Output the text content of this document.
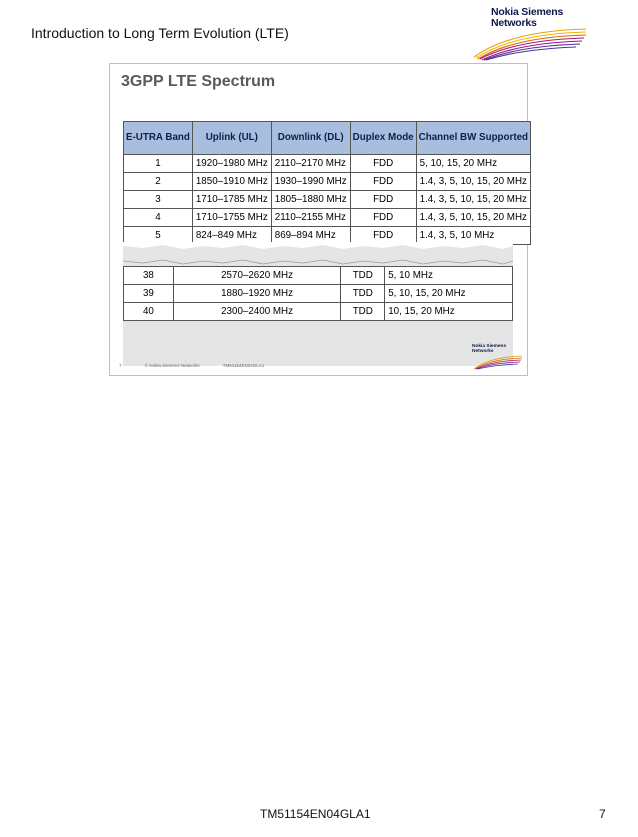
Introduction to Long Term Evolution (LTE)
Nokia Siemens
Networks
3GPP LTE Spectrum
E-UTRA Band	Uplink (UL)	Downlink (DL)	Duplex Mode	Channel BW Supported
1	1920–1980 MHz	2110–2170 MHz	FDD	5, 10, 15, 20 MHz
2	1850–1910 MHz	1930–1990 MHz	FDD	1.4, 3, 5, 10, 15, 20 MHz
3	1710–1785 MHz	1805–1880 MHz	FDD	1.4, 3, 5, 10, 15, 20 MHz
4	1710–1755 MHz	2110–2155 MHz	FDD	1.4, 3, 5, 10, 15, 20 MHz
5	824–849 MHz	869–894 MHz	FDD	1.4, 3, 5, 10 MHz
38	2570–2620 MHz	TDD	5, 10 MHz
39	1880–1920 MHz	TDD	5, 10, 15, 20 MHz
40	2300–2400 MHz	TDD	10, 15, 20 MHz
7	© Nokia Siemens Networks	TM51154EN04GLA1
Nokia Siemens
Networks
TM51154EN04GLA1	7
